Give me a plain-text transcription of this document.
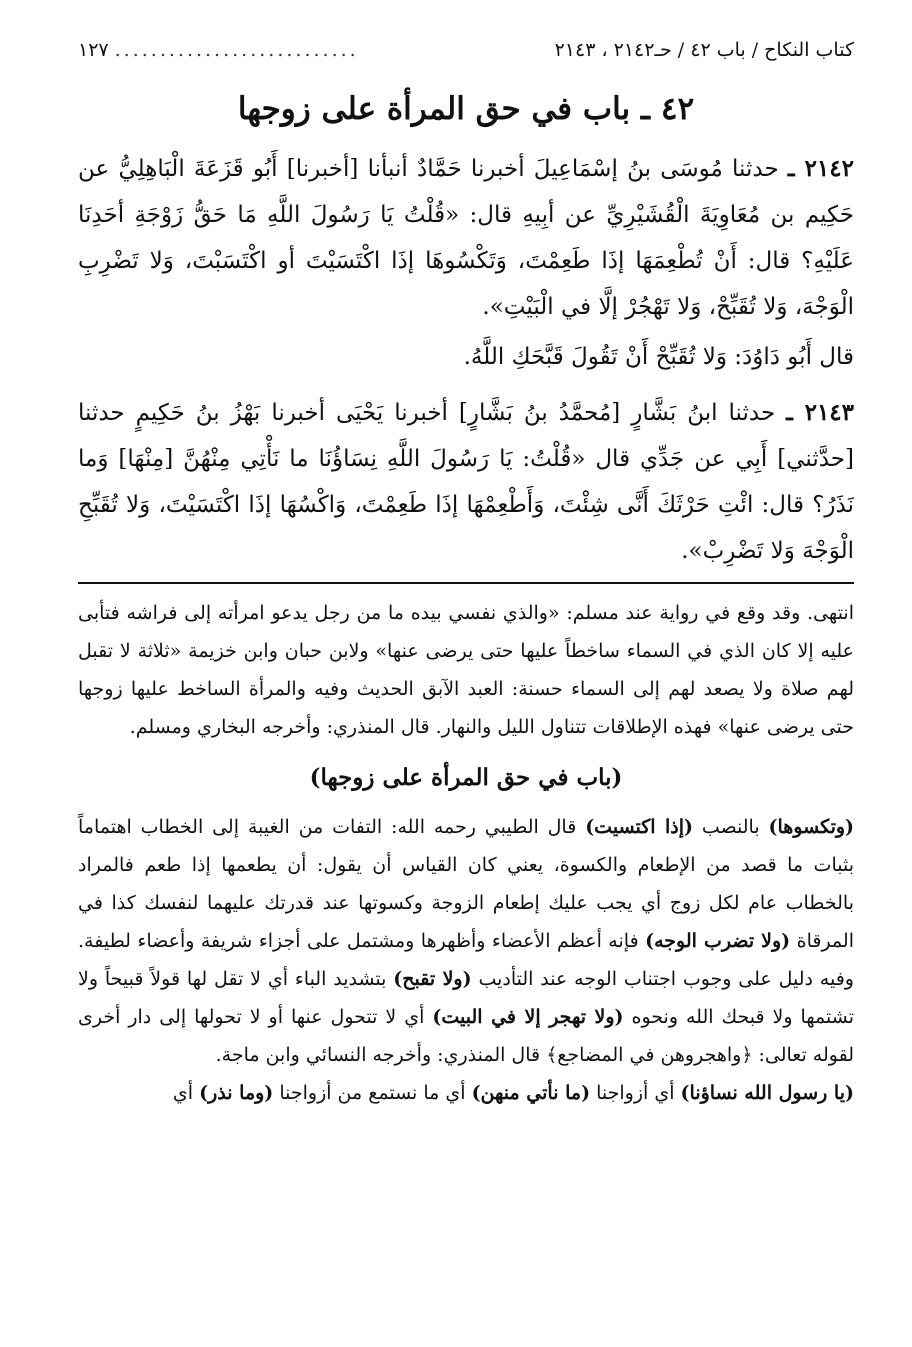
كتاب النكاح / باب ٤٢ / حـ٢١٤٢ ، ٢١٤٣
١٢٧ ...........................
٤٢ ـ باب في حق المرأة على زوجها

٢١٤٢ ـ حدثنا مُوسَى بنُ إسْمَاعِيلَ أخبرنا حَمَّادٌ أنبأنا [أخبرنا] أَبُو قَزَعَةَ الْبَاهِلِيُّ عن حَكِيم بن مُعَاوِيَةَ الْقُشَيْرِيِّ عن أبِيهِ قال: «قُلْتُ يَا رَسُولَ اللَّهِ مَا حَقُّ زَوْجَةِ أحَدِنَا عَلَيْهِ؟ قال: أَنْ تُطْعِمَهَا إذَا طَعِمْتَ، وَتَكْسُوهَا إذَا اكْتَسَيْتَ أو اكْتَسَبْتَ، وَلا تَضْرِبِ الْوَجْهَ، وَلا تُقَبِّحْ، وَلا تَهْجُرْ إلَّا في الْبَيْتِ».

قال أَبُو دَاوُدَ: وَلا تُقَبِّحْ أَنْ تَقُولَ قَبَّحَكِ اللَّهُ.

٢١٤٣ ـ حدثنا ابنُ بَشَّارٍ [مُحمَّدُ بنُ بَشَّارٍ] أخبرنا يَحْيَى أخبرنا بَهْزُ بنُ حَكِيمٍ حدثنا [حدَّثني] أَبِي عن جَدِّي قال «قُلْتُ: يَا رَسُولَ اللَّهِ نِسَاؤُنَا ما نَأْتِي مِنْهُنَّ [مِنْهَا] وَما نَذَرُ؟ قال: ائْتِ حَرْثَكَ أَنَّى شِئْتَ، وَأَطْعِمْهَا إذَا طَعِمْتَ، وَاكْسُهَا إذَا اكْتَسَيْتَ، وَلا تُقَبِّحِ الْوَجْهَ وَلا تَضْرِبْ».

انتهى. وقد وقع في رواية عند مسلم: «والذي نفسي بيده ما من رجل يدعو امرأته إلى فراشه فتأبى عليه إلا كان الذي في السماء ساخطاً عليها حتى يرضى عنها» ولابن حبان وابن خزيمة «ثلاثة لا تقبل لهم صلاة ولا يصعد لهم إلى السماء حسنة: العبد الآبق الحديث وفيه والمرأة الساخط عليها زوجها حتى يرضى عنها» فهذه الإطلاقات تتناول الليل والنهار. قال المنذري: وأخرجه البخاري ومسلم.

(باب في حق المرأة على زوجها)

(وتكسوها) بالنصب (إذا اكتسيت) قال الطيبي رحمه الله: التفات من الغيبة إلى الخطاب اهتماماً بثبات ما قصد من الإطعام والكسوة، يعني كان القياس أن يقول: أن يطعمها إذا طعم فالمراد بالخطاب عام لكل زوج أي يجب عليك إطعام الزوجة وكسوتها عند قدرتك عليهما لنفسك كذا في المرقاة (ولا تضرب الوجه) فإنه أعظم الأعضاء وأظهرها ومشتمل على أجزاء شريفة وأعضاء لطيفة. وفيه دليل على وجوب اجتناب الوجه عند التأديب (ولا تقبح) بتشديد الباء أي لا تقل لها قولاً قبيحاً ولا تشتمها ولا قبحك الله ونحوه (ولا تهجر إلا في البيت) أي لا تتحول عنها أو لا تحولها إلى دار أخرى لقوله تعالى: ﴿واهجروهن في المضاجع﴾ قال المنذري: وأخرجه النسائي وابن ماجة.

(يا رسول الله نساؤنا) أي أزواجنا (ما نأتي منهن) أي ما نستمع من أزواجنا (وما نذر) أي
